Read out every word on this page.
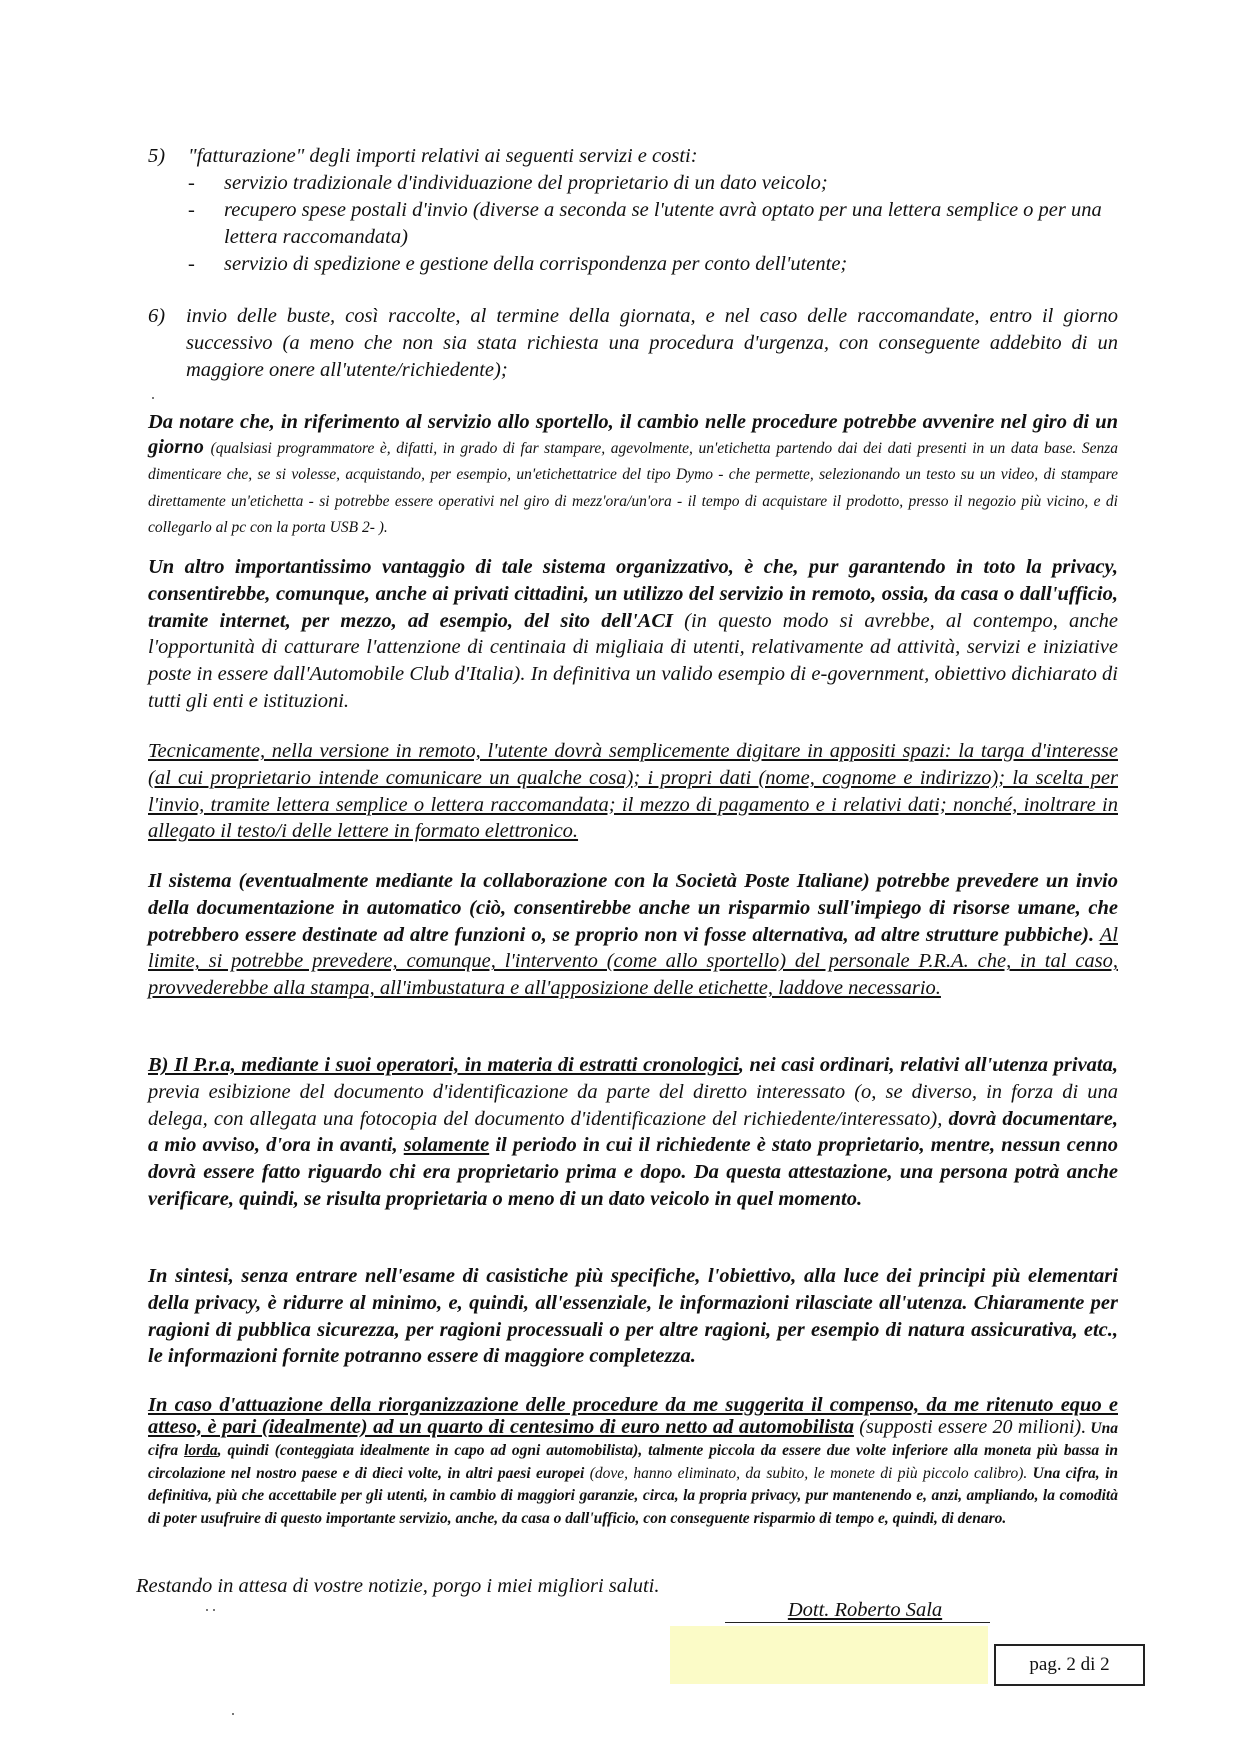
5) "fatturazione" degli importi relativi ai seguenti servizi e costi:
- servizio tradizionale d'individuazione del proprietario di un dato veicolo;
- recupero spese postali d'invio (diverse a seconda se l'utente avrà optato per una lettera semplice o per una lettera raccomandata)
- servizio di spedizione e gestione della corrispondenza per conto dell'utente;
6) invio delle buste, così raccolte, al termine della giornata, e nel caso delle raccomandate, entro il giorno successivo (a meno che non sia stata richiesta una procedura d'urgenza, con conseguente addebito di un maggiore onere all'utente/richiedente);
Da notare che, in riferimento al servizio allo sportello, il cambio nelle procedure potrebbe avvenire nel giro di un giorno (qualsiasi programmatore è, difatti, in grado di far stampare, agevolmente, un'etichetta partendo dai dei dati presenti in un data base. Senza dimenticare che, se si volesse, acquistando, per esempio, un'etichettatrice del tipo Dymo - che permette, selezionando un testo su un video, di stampare direttamente un'etichetta - si potrebbe essere operativi nel giro di mezz'ora/un'ora - il tempo di acquistare il prodotto, presso il negozio più vicino, e di collegarlo al pc con la porta USB 2- ).
Un altro importantissimo vantaggio di tale sistema organizzativo, è che, pur garantendo in toto la privacy, consentirebbe, comunque, anche ai privati cittadini, un utilizzo del servizio in remoto, ossia, da casa o dall'ufficio, tramite internet, per mezzo, ad esempio, del sito dell'ACI (in questo modo si avrebbe, al contempo, anche l'opportunità di catturare l'attenzione di centinaia di migliaia di utenti, relativamente ad attività, servizi e iniziative poste in essere dall'Automobile Club d'Italia). In definitiva un valido esempio di e-government, obiettivo dichiarato di tutti gli enti e istituzioni.
Tecnicamente, nella versione in remoto, l'utente dovrà semplicemente digitare in appositi spazi: la targa d'interesse (al cui proprietario intende comunicare un qualche cosa); i propri dati (nome, cognome e indirizzo); la scelta per l'invio, tramite lettera semplice o lettera raccomandata; il mezzo di pagamento e i relativi dati; nonché, inoltrare in allegato il testo/i delle lettere in formato elettronico.
Il sistema (eventualmente mediante la collaborazione con la Società Poste Italiane) potrebbe prevedere un invio della documentazione in automatico (ciò, consentirebbe anche un risparmio sull'impiego di risorse umane, che potrebbero essere destinate ad altre funzioni o, se proprio non vi fosse alternativa, ad altre strutture pubbiche). Al limite, si potrebbe prevedere, comunque, l'intervento (come allo sportello) del personale P.R.A. che, in tal caso, provvederebbe alla stampa, all'imbustatura e all'apposizione delle etichette, laddove necessario.
B) Il P.r.a, mediante i suoi operatori, in materia di estratti cronologici, nei casi ordinari, relativi all'utenza privata, previa esibizione del documento d'identificazione da parte del diretto interessato (o, se diverso, in forza di una delega, con allegata una fotocopia del documento d'identificazione del richiedente/interessato), dovrà documentare, a mio avviso, d'ora in avanti, solamente il periodo in cui il richiedente è stato proprietario, mentre, nessun cenno dovrà essere fatto riguardo chi era proprietario prima e dopo. Da questa attestazione, una persona potrà anche verificare, quindi, se risulta proprietaria o meno di un dato veicolo in quel momento.
In sintesi, senza entrare nell'esame di casistiche più specifiche, l'obiettivo, alla luce dei principi più elementari della privacy, è ridurre al minimo, e, quindi, all'essenziale, le informazioni rilasciate all'utenza. Chiaramente per ragioni di pubblica sicurezza, per ragioni processuali o per altre ragioni, per esempio di natura assicurativa, etc., le informazioni fornite potranno essere di maggiore completezza.
In caso d'attuazione della riorganizzazione delle procedure da me suggerita il compenso, da me ritenuto equo e atteso, è pari (idealmente) ad un quarto di centesimo di euro netto ad automobilista (supposti essere 20 milioni). Una cifra lorda, quindi (conteggiata idealmente in capo ad ogni automobilista), talmente piccola da essere due volte inferiore alla moneta più bassa in circolazione nel nostro paese e di dieci volte, in altri paesi europei (dove, hanno eliminato, da subito, le monete di più piccolo calibro). Una cifra, in definitiva, più che accettabile per gli utenti, in cambio di maggiori garanzie, circa, la propria privacy, pur mantenendo e, anzi, ampliando, la comodità di poter usufruire di questo importante servizio, anche, da casa o dall'ufficio, con conseguente risparmio di tempo e, quindi, di denaro.
Restando in attesa di vostre notizie, porgo i miei migliori saluti.
Dott. Roberto Sala
pag. 2 di 2
